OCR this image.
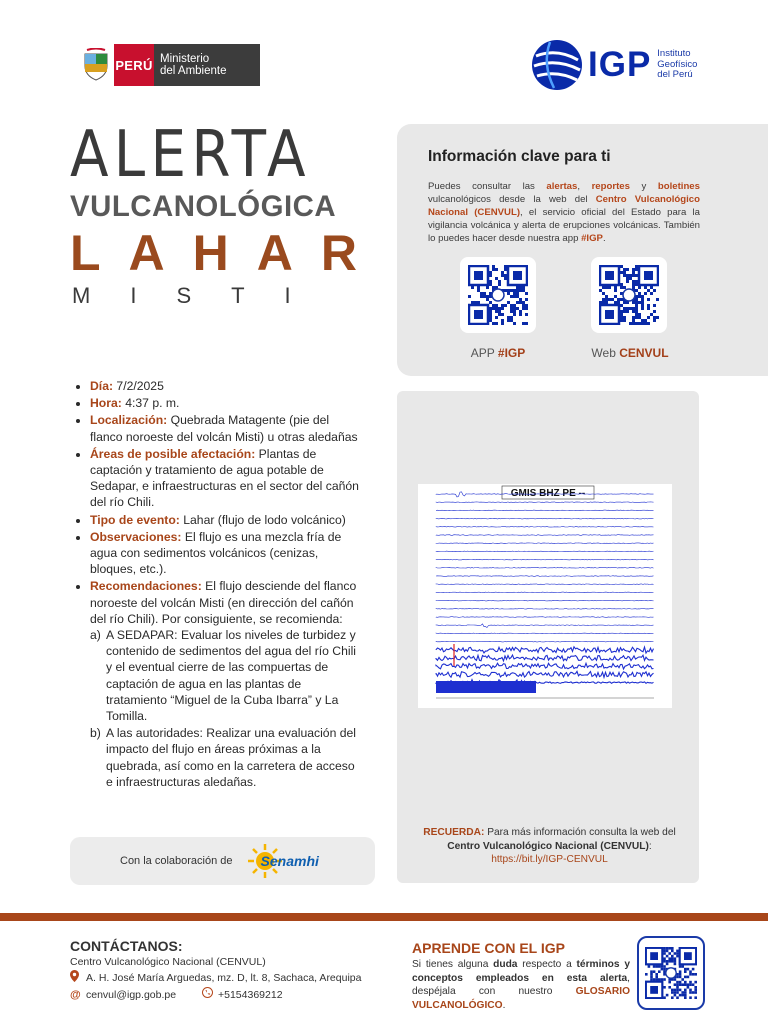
PERÚ Ministerio
del Ambiente	IGP Instituto
Geofísico
del Perú
ALERTA
VULCANOLÓGICA
LAHAR
MISTI
Información clave para ti
Puedes consultar las alertas, reportes y boletines vulcanológicos desde la web del Centro Vulcanológico Nacional (CENVUL), el servicio oficial del Estado para la vigilancia volcánica y alerta de erupciones volcánicas. También lo puedes hacer desde nuestra app #IGP.
APP #IGP	Web CENVUL
• Día: 7/2/2025
• Hora: 4:37 p. m.
• Localización: Quebrada Matagente (pie del flanco noroeste del volcán Misti) u otras aledañas
• Áreas de posible afectación: Plantas de captación y tratamiento de agua potable de Sedapar, e infraestructuras en el sector del cañón del río Chili.
• Tipo de evento: Lahar (flujo de lodo volcánico)
• Observaciones: El flujo es una mezcla fría de agua con sedimentos volcánicos (cenizas, bloques, etc.).
• Recomendaciones: El flujo desciende del flanco noroeste del volcán Misti (en dirección del cañón del río Chili). Por consiguiente, se recomienda:
a) A SEDAPAR: Evaluar los niveles de turbidez y contenido de sedimentos del agua del río Chili y el eventual cierre de las compuertas de captación de agua en las plantas de tratamiento “Miguel de la Cuba Ibarra” y La Tomilla.
b) A las autoridades: Realizar una evaluación del impacto del flujo en áreas próximas a la quebrada, así como en la carretera de acceso e infraestructuras aledañas.
GMIS BHZ PE --
RECUERDA: Para más información consulta la web del Centro Vulcanológico Nacional (CENVUL):
https://bit.ly/IGP-CENVUL
Con la colaboración de Senamhi
CONTÁCTANOS:
Centro Vulcanológico Nacional (CENVUL)
A. H. José María Arguedas, mz. D, lt. 8, Sachaca, Arequipa
@ cenvul@igp.gob.pe	+5154369212
APRENDE CON EL IGP
Si tienes alguna duda respecto a términos y conceptos empleados en esta alerta, despéjala con nuestro GLOSARIO VULCANOLÓGICO.
